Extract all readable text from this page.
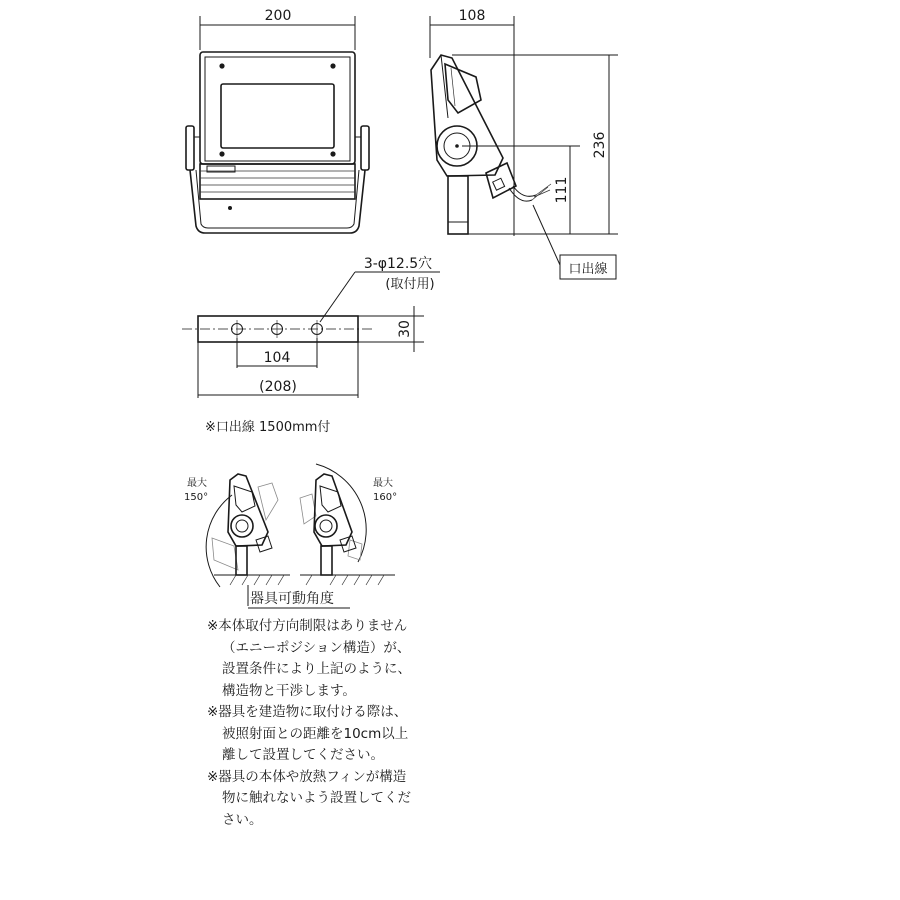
200	108
236
111
口出線
3-φ12.5穴
(取付用)
104
(208)
30
※口出線 1500mm付
最大
150°
最大
160°
器具可動角度
※本体取付方向制限はありません（エニーポジション構造）が、設置条件により上記のように、構造物と干渉します。
※器具を建造物に取付ける際は、被照射面との距離を10cm以上離して設置してください。
※器具の本体や放熱フィンが構造物に触れないよう設置してください。
